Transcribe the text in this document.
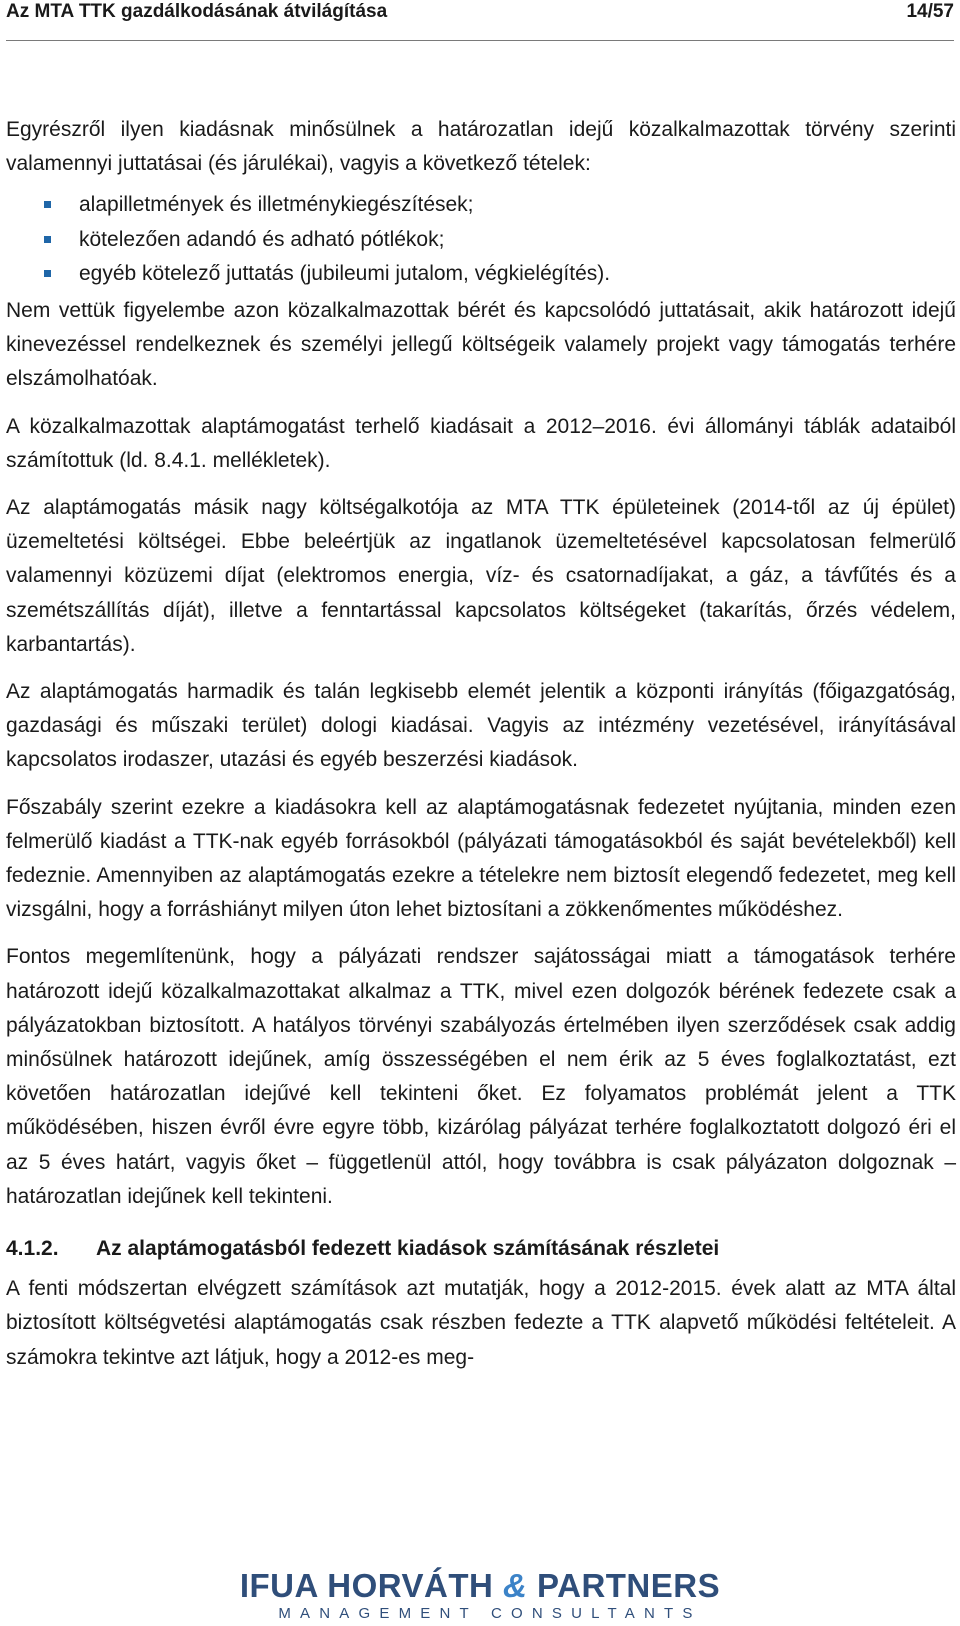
Az MTA TTK gazdálkodásának átvilágítása	14/57

Egyrészről ilyen kiadásnak minősülnek a határozatlan idejű közalkalmazottak törvény szerinti valamennyi juttatásai (és járulékai), vagyis a következő tételek:

alapilletmények és illetménykiegészítések;
kötelezően adandó és adható pótlékok;
egyéb kötelező juttatás (jubileumi jutalom, végkielégítés).

Nem vettük figyelembe azon közalkalmazottak bérét és kapcsolódó juttatásait, akik határozott idejű kinevezéssel rendelkeznek és személyi jellegű költségeik valamely projekt vagy támogatás terhére elszámolhatóak.

A közalkalmazottak alaptámogatást terhelő kiadásait a 2012–2016. évi állományi táblák adataiból számítottuk (ld. 8.4.1. mellékletek).

Az alaptámogatás másik nagy költségalkotója az MTA TTK épületeinek (2014-től az új épület) üzemeltetési költségei. Ebbe beleértjük az ingatlanok üzemeltetésével kapcsolatosan felmerülő valamennyi közüzemi díjat (elektromos energia, víz- és csatornadíjakat, a gáz, a távfűtés és a szemétszállítás díját), illetve a fenntartással kapcsolatos költségeket (takarítás, őrzés védelem, karbantartás).

Az alaptámogatás harmadik és talán legkisebb elemét jelentik a központi irányítás (főigazgatóság, gazdasági és műszaki terület) dologi kiadásai. Vagyis az intézmény vezetésével, irányításával kapcsolatos irodaszer, utazási és egyéb beszerzési kiadások.

Főszabály szerint ezekre a kiadásokra kell az alaptámogatásnak fedezetet nyújtania, minden ezen felmerülő kiadást a TTK-nak egyéb forrásokból (pályázati támogatásokból és saját bevételekből) kell fedeznie. Amennyiben az alaptámogatás ezekre a tételekre nem biztosít elegendő fedezetet, meg kell vizsgálni, hogy a forráshiányt milyen úton lehet biztosítani a zökkenőmentes működéshez.

Fontos megemlítenünk, hogy a pályázati rendszer sajátosságai miatt a támogatások terhére határozott idejű közalkalmazottakat alkalmaz a TTK, mivel ezen dolgozók bérének fedezete csak a pályázatokban biztosított. A hatályos törvényi szabályozás értelmében ilyen szerződések csak addig minősülnek határozott idejűnek, amíg összességében el nem érik az 5 éves foglalkoztatást, ezt követően határozatlan idejűvé kell tekinteni őket. Ez folyamatos problémát jelent a TTK működésében, hiszen évről évre egyre több, kizárólag pályázat terhére foglalkoztatott dolgozó éri el az 5 éves határt, vagyis őket – függetlenül attól, hogy továbbra is csak pályázaton dolgoznak – határozatlan idejűnek kell tekinteni.

4.1.2.	Az alaptámogatásból fedezett kiadások számításának részletei

A fenti módszertan elvégzett számítások azt mutatják, hogy a 2012-2015. évek alatt az MTA által biztosított költségvetési alaptámogatás csak részben fedezte a TTK alapvető működési feltételeit. A számokra tekintve azt látjuk, hogy a 2012-es meg-

IFUA HORVÁTH & PARTNERS
MANAGEMENT CONSULTANTS
